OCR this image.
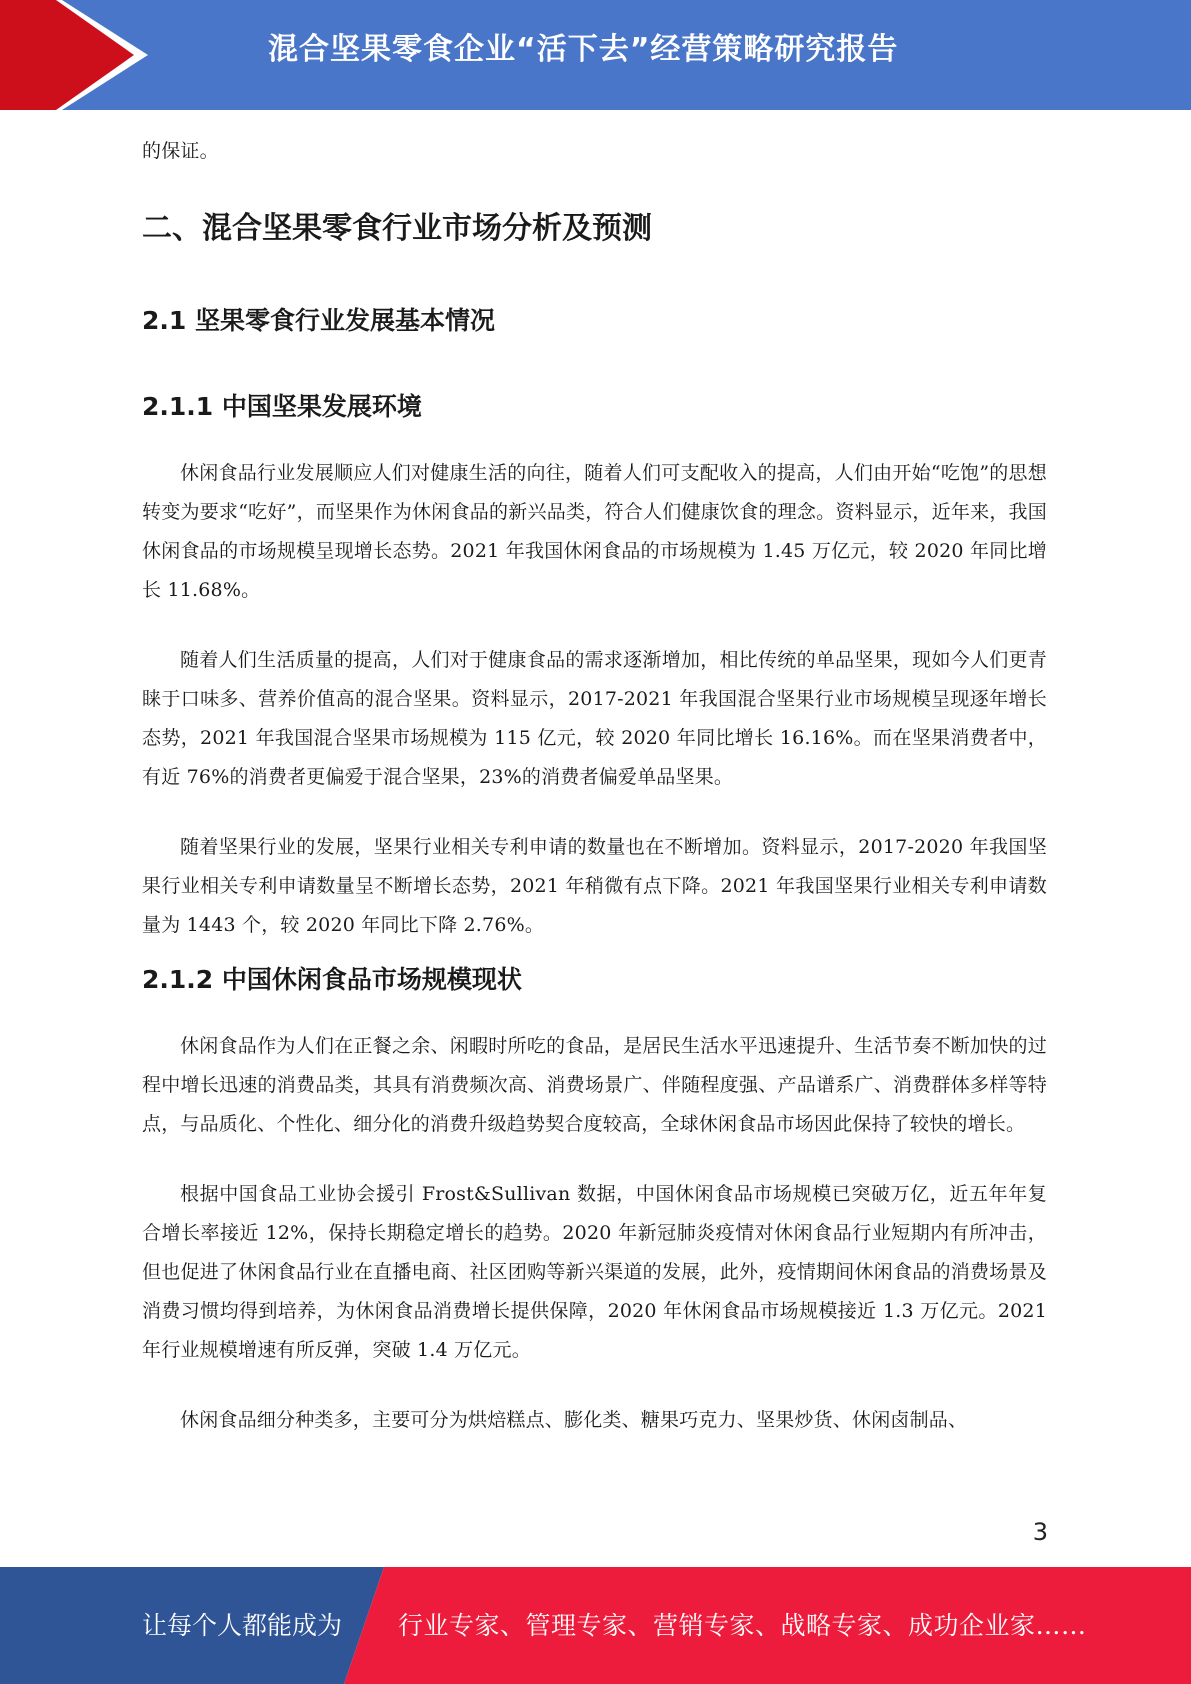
混合坚果零食企业“活下去”经营策略研究报告

的保证。

二、混合坚果零食行业市场分析及预测
2.1 坚果零食行业发展基本情况
2.1.1 中国坚果发展环境

休闲食品行业发展顺应人们对健康生活的向往，随着人们可支配收入的提高，人们由开始“吃饱”的思想转变为要求“吃好”，而坚果作为休闲食品的新兴品类，符合人们健康饮食的理念。资料显示，近年来，我国休闲食品的市场规模呈现增长态势。2021 年我国休闲食品的市场规模为 1.45 万亿元，较 2020 年同比增长 11.68%。

随着人们生活质量的提高，人们对于健康食品的需求逐渐增加，相比传统的单品坚果，现如今人们更青睐于口味多、营养价值高的混合坚果。资料显示，2017-2021 年我国混合坚果行业市场规模呈现逐年增长态势，2021 年我国混合坚果市场规模为 115 亿元，较 2020 年同比增长 16.16%。而在坚果消费者中，有近 76%的消费者更偏爱于混合坚果，23%的消费者偏爱单品坚果。

随着坚果行业的发展，坚果行业相关专利申请的数量也在不断增加。资料显示，2017-2020 年我国坚果行业相关专利申请数量呈不断增长态势，2021 年稍微有点下降。2021 年我国坚果行业相关专利申请数量为 1443 个，较 2020 年同比下降 2.76%。

2.1.2 中国休闲食品市场规模现状

休闲食品作为人们在正餐之余、闲暇时所吃的食品，是居民生活水平迅速提升、生活节奏不断加快的过程中增长迅速的消费品类，其具有消费频次高、消费场景广、伴随程度强、产品谱系广、消费群体多样等特点，与品质化、个性化、细分化的消费升级趋势契合度较高，全球休闲食品市场因此保持了较快的增长。

根据中国食品工业协会援引 Frost&Sullivan 数据，中国休闲食品市场规模已突破万亿，近五年年复合增长率接近 12%，保持长期稳定增长的趋势。2020 年新冠肺炎疫情对休闲食品行业短期内有所冲击，但也促进了休闲食品行业在直播电商、社区团购等新兴渠道的发展，此外，疫情期间休闲食品的消费场景及消费习惯均得到培养，为休闲食品消费增长提供保障，2020 年休闲食品市场规模接近 1.3 万亿元。2021 年行业规模增速有所反弹，突破 1.4 万亿元。

休闲食品细分种类多，主要可分为烘焙糕点、膨化类、糖果巧克力、坚果炒货、休闲卤制品、

3
让每个人都能成为 行业专家、管理专家、营销专家、战略专家、成功企业家……
